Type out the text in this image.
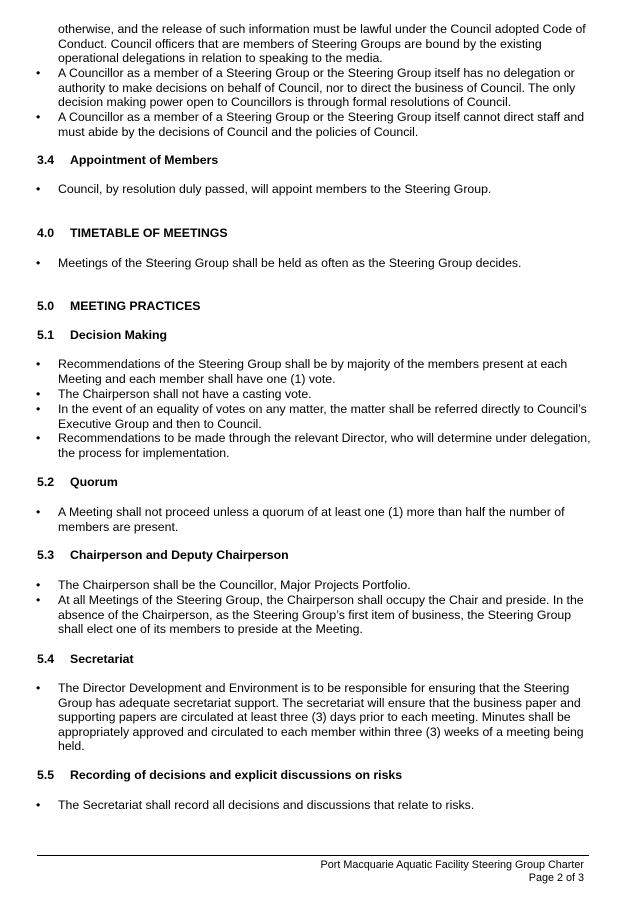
otherwise, and the release of such information must be lawful under the Council adopted Code of Conduct. Council officers that are members of Steering Groups are bound by the existing operational delegations in relation to speaking to the media.

• A Councillor as a member of a Steering Group or the Steering Group itself has no delegation or authority to make decisions on behalf of Council, nor to direct the business of Council. The only decision making power open to Councillors is through formal resolutions of Council.
• A Councillor as a member of a Steering Group or the Steering Group itself cannot direct staff and must abide by the decisions of Council and the policies of Council.
3.4 Appointment of Members
• Council, by resolution duly passed, will appoint members to the Steering Group.
4.0 TIMETABLE OF MEETINGS
• Meetings of the Steering Group shall be held as often as the Steering Group decides.
5.0 MEETING PRACTICES
5.1 Decision Making
• Recommendations of the Steering Group shall be by majority of the members present at each Meeting and each member shall have one (1) vote.
• The Chairperson shall not have a casting vote.
• In the event of an equality of votes on any matter, the matter shall be referred directly to Council’s Executive Group and then to Council.
• Recommendations to be made through the relevant Director, who will determine under delegation, the process for implementation.
5.2 Quorum
• A Meeting shall not proceed unless a quorum of at least one (1) more than half the number of members are present.
5.3 Chairperson and Deputy Chairperson
• The Chairperson shall be the Councillor, Major Projects Portfolio.
• At all Meetings of the Steering Group, the Chairperson shall occupy the Chair and preside. In the absence of the Chairperson, as the Steering Group’s first item of business, the Steering Group shall elect one of its members to preside at the Meeting.
5.4 Secretariat
• The Director Development and Environment is to be responsible for ensuring that the Steering Group has adequate secretariat support. The secretariat will ensure that the business paper and supporting papers are circulated at least three (3) days prior to each meeting. Minutes shall be appropriately approved and circulated to each member within three (3) weeks of a meeting being held.
5.5 Recording of decisions and explicit discussions on risks
• The Secretariat shall record all decisions and discussions that relate to risks.
Port Macquarie Aquatic Facility Steering Group Charter
Page 2 of 3
